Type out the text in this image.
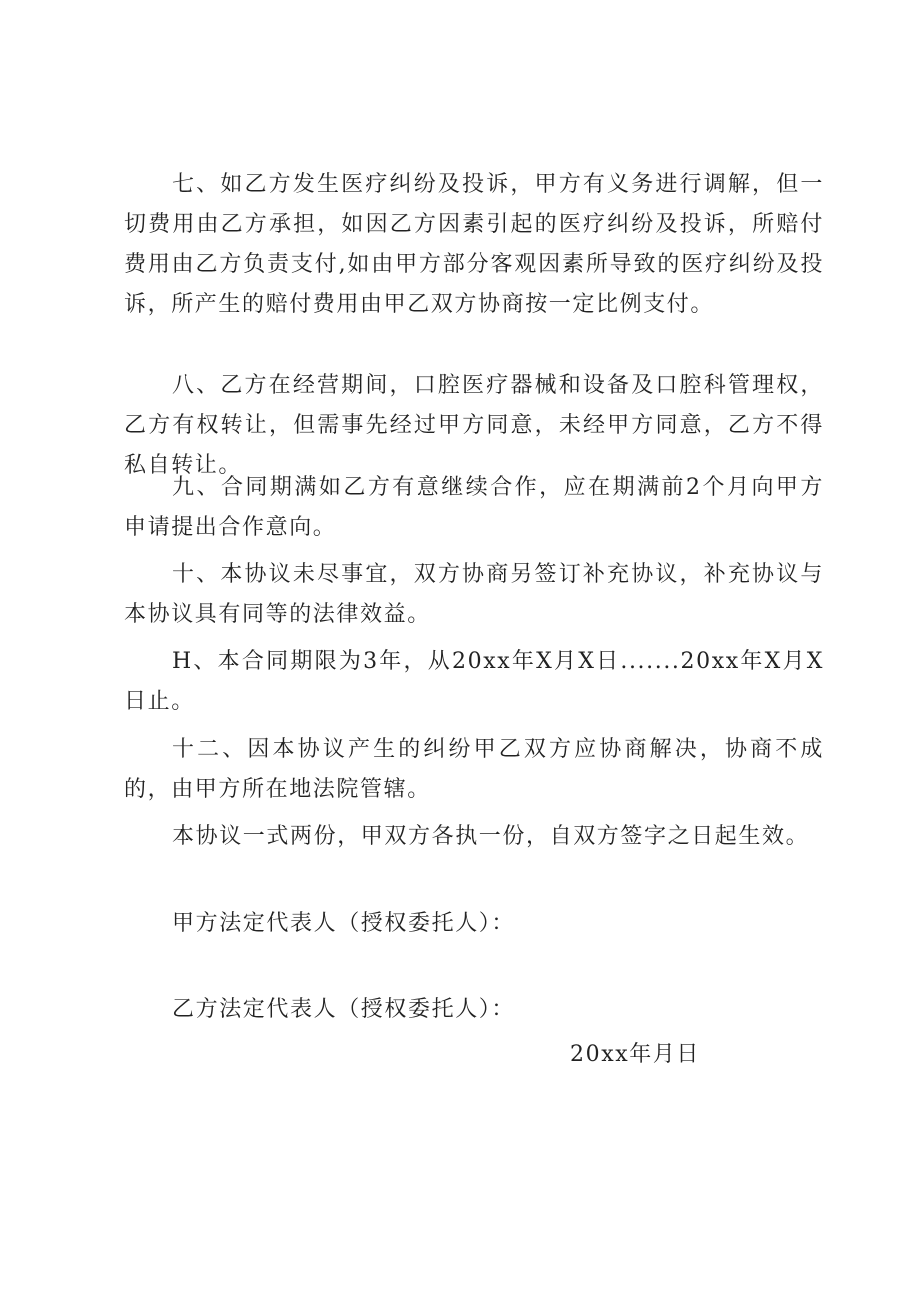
七、如乙方发生医疗纠纷及投诉，甲方有义务进行调解，但一切费用由乙方承担，如因乙方因素引起的医疗纠纷及投诉，所赔付费用由乙方负责支付,如由甲方部分客观因素所导致的医疗纠纷及投诉，所产生的赔付费用由甲乙双方协商按一定比例支付。

八、乙方在经营期间，口腔医疗器械和设备及口腔科管理权，乙方有权转让，但需事先经过甲方同意，未经甲方同意，乙方不得私自转让。

九、合同期满如乙方有意继续合作，应在期满前2个月向甲方申请提出合作意向。

十、本协议未尽事宜，双方协商另签订补充协议，补充协议与本协议具有同等的法律效益。

H、本合同期限为3年，从20xx年X月X日.......20xx年X月X日止。

十二、因本协议产生的纠纷甲乙双方应协商解决，协商不成的，由甲方所在地法院管辖。

本协议一式两份，甲双方各执一份，自双方签字之日起生效。

甲方法定代表人（授权委托人）：

乙方法定代表人（授权委托人）：

20xx年月日
